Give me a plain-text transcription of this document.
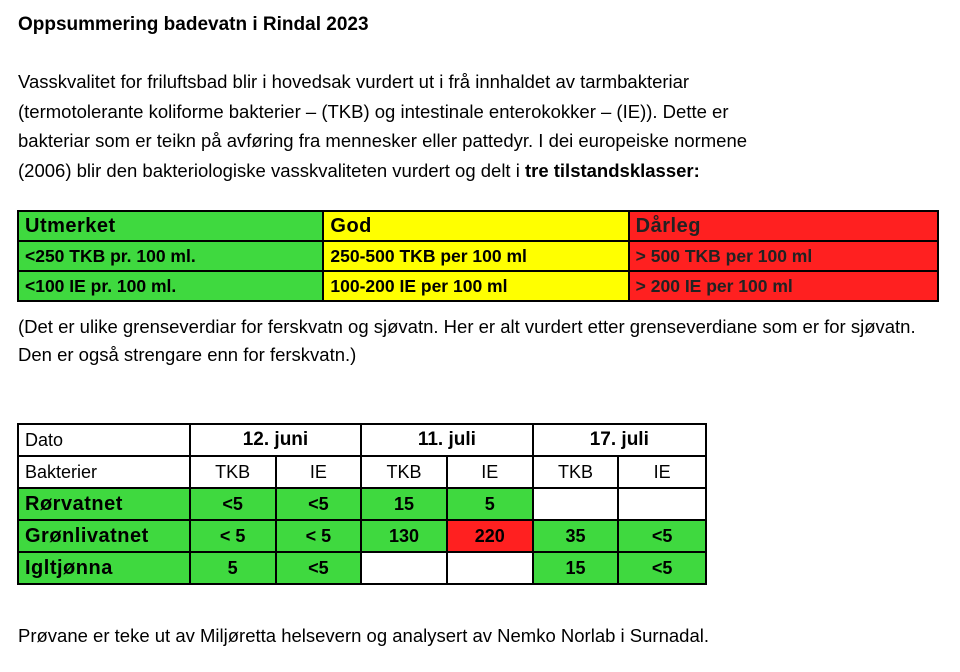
Oppsummering badevatn i Rindal 2023
Vasskvalitet for friluftsbad blir i hovedsak vurdert ut i frå innhaldet av tarmbakteriar
(termotolerante koliforme bakterier – (TKB) og intestinale enterokokker – (IE)). Dette er
bakteriar som er teikn på avføring fra mennesker eller pattedyr. I dei europeiske normene
(2006) blir den bakteriologiske vasskvaliteten vurdert og delt i tre tilstandsklasser:
Utmerket	God	Dårleg
<250 TKB pr. 100 ml.	250-500 TKB per 100 ml	> 500 TKB per 100 ml
<100 IE pr. 100 ml.	100-200 IE per 100 ml	> 200 IE per 100 ml
(Det er ulike grenseverdiar for ferskvatn og sjøvatn. Her er alt vurdert etter grenseverdiane som er for sjøvatn. Den er også strengare enn for ferskvatn.)
Dato	12. juni		11. juli		17. juli	
Bakterier	TKB	IE	TKB	IE	TKB	IE
Rørvatnet	<5	<5	15	5		
Grønlivatnet	< 5	< 5	130	220	35	<5
Igltjønna	5	<5			15	<5
Prøvane er teke ut av Miljøretta helsevern og analysert av Nemko Norlab i Surnadal.
